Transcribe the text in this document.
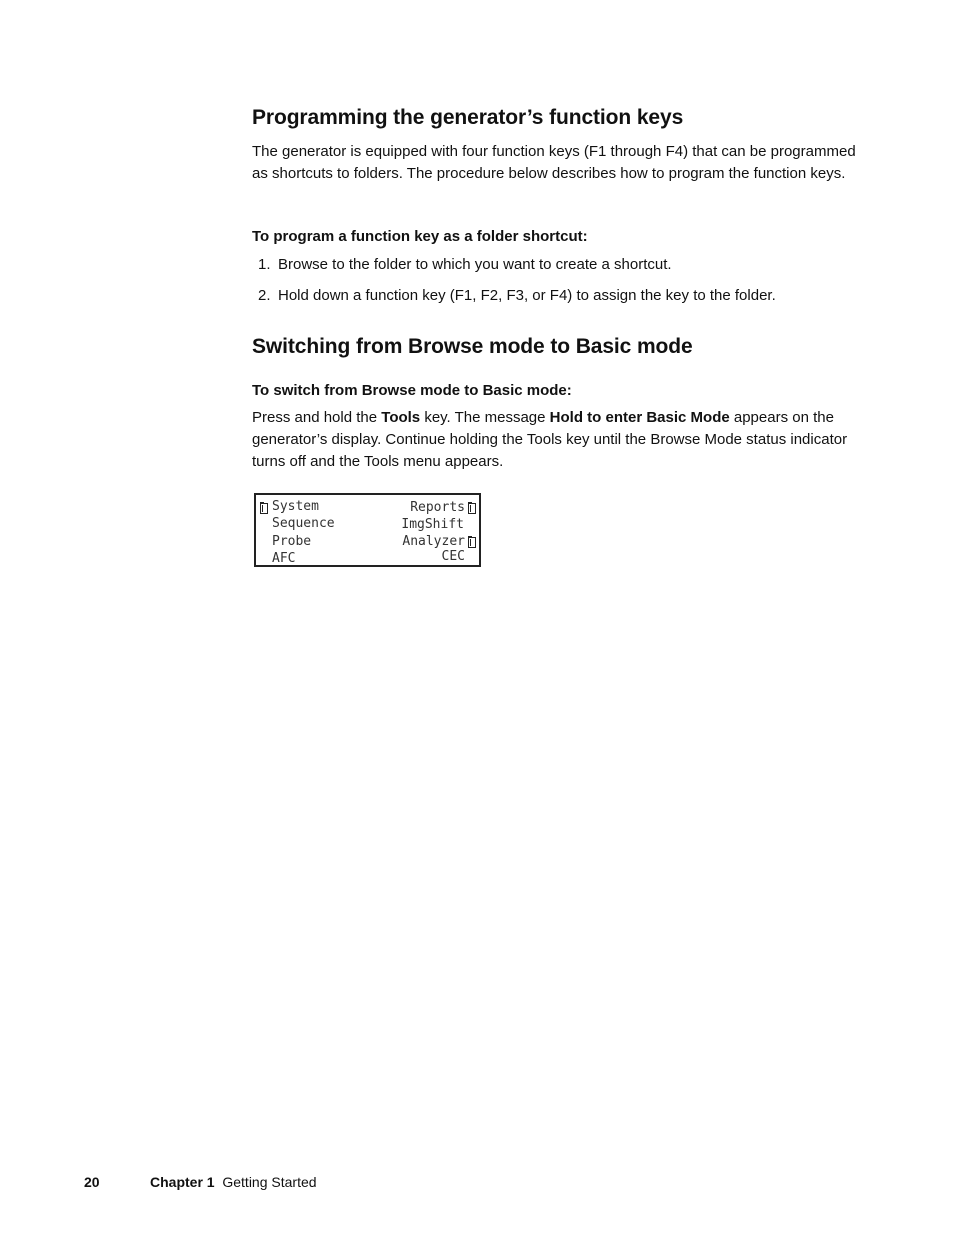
Programming the generator’s function keys

The generator is equipped with four function keys (F1 through F4) that can be programmed as shortcuts to folders. The procedure below describes how to program the function keys.

To program a function key as a folder shortcut:
1. Browse to the folder to which you want to create a shortcut.
2. Hold down a function key (F1, F2, F3, or F4) to assign the key to the folder.
Switching from Browse mode to Basic mode
To switch from Browse mode to Basic mode:

Press and hold the Tools key. The message Hold to enter Basic Mode appears on the generator’s display. Continue holding the Tools key until the Browse Mode status indicator turns off and the Tools menu appears.

System
Sequence
Probe
AFC
Reports
ImgShift
Analyzer
CEC
20	Chapter 1 Getting Started
